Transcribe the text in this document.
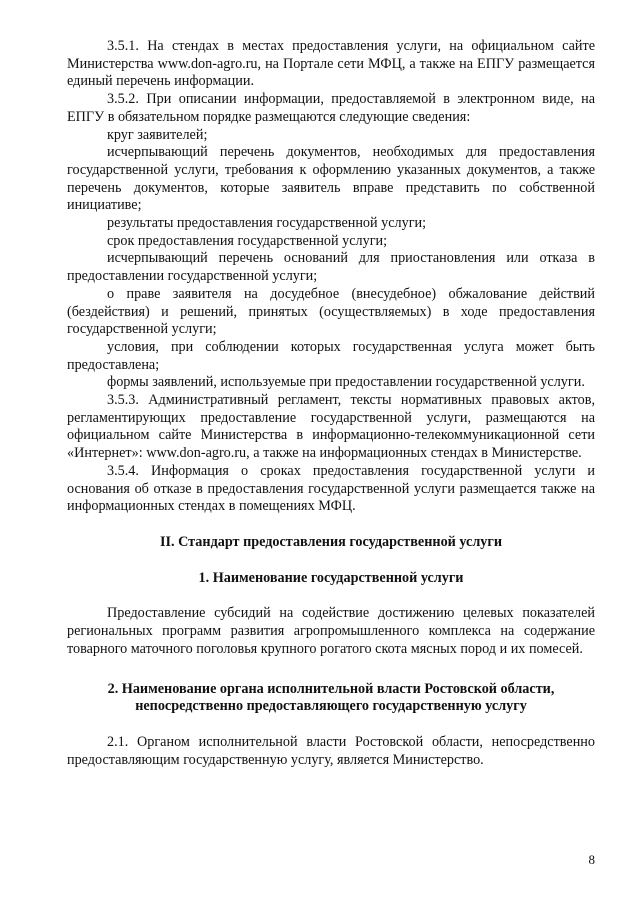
3.5.1. На стендах в местах предоставления услуги, на официальном сайте Министерства www.don-agro.ru, на Портале сети МФЦ, а также на ЕПГУ размещается единый перечень информации.

3.5.2. При описании информации, предоставляемой в электронном виде, на ЕПГУ в обязательном порядке размещаются следующие сведения:

круг заявителей;

исчерпывающий перечень документов, необходимых для предоставления государственной услуги, требования к оформлению указанных документов, а также перечень документов, которые заявитель вправе представить по собственной инициативе;

результаты предоставления государственной услуги;

срок предоставления государственной услуги;

исчерпывающий перечень оснований для приостановления или отказа в предоставлении государственной услуги;

о праве заявителя на досудебное (внесудебное) обжалование действий (бездействия) и решений, принятых (осуществляемых) в ходе предоставления государственной услуги;

условия, при соблюдении которых государственная услуга может быть предоставлена;

формы заявлений, используемые при предоставлении государственной услуги.

3.5.3. Административный регламент, тексты нормативных правовых актов, регламентирующих предоставление государственной услуги, размещаются на официальном сайте Министерства в информационно-телекоммуникационной сети «Интернет»: www.don-agro.ru, а также на информационных стендах в Министерстве.

3.5.4. Информация о сроках предоставления государственной услуги и основания об отказе в предоставления государственной услуги размещается также на информационных стендах в помещениях МФЦ.

II. Стандарт предоставления государственной услуги

1. Наименование государственной услуги

Предоставление субсидий на содействие достижению целевых показателей региональных программ развития агропромышленного комплекса на содержание товарного маточного поголовья крупного рогатого скота мясных пород и их помесей.

2. Наименование органа исполнительной власти Ростовской области,

непосредственно предоставляющего государственную услугу

2.1. Органом исполнительной власти Ростовской области, непосредственно предоставляющим государственную услугу, является Министерство.

8
